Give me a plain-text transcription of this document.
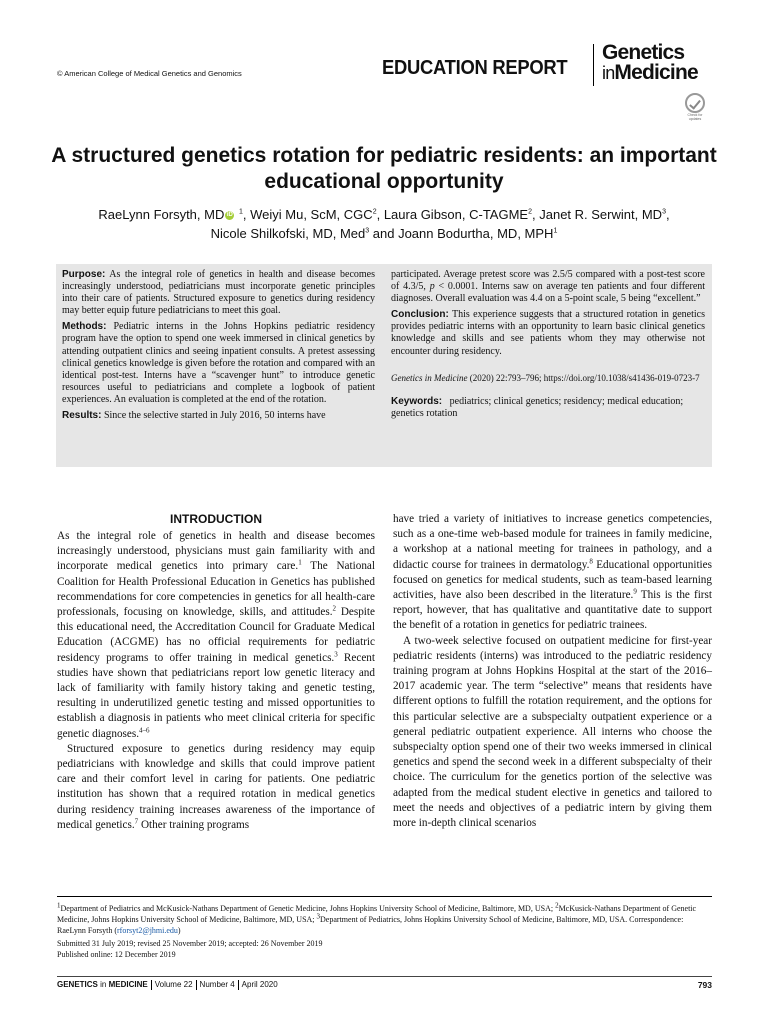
© American College of Medical Genetics and Genomics	EDUCATION REPORT
Genetics
inMedicine
Check for updates
A structured genetics rotation for pediatric residents: an important educational opportunity
RaeLynn Forsyth, MD iD $^1$, Weiyi Mu, ScM, CGC$^2$, Laura Gibson, C-TAGME$^2$, Janet R. Serwint, $MD^3$,
Nicole Shilkofski, MD, Med$^3$ and Joann Bodurtha, MD, MPH$^1$

Purpose: As the integral role of genetics in health and disease becomes increasingly understood, pediatricians must incorporate genetic principles into their care of patients. Structured exposure to genetics during residency may better equip future pediatricians to meet this goal.

Methods: Pediatric interns in the Johns Hopkins pediatric residency program have the option to spend one week immersed in clinical genetics by attending outpatient clinics and seeing inpatient consults. A pretest assessing clinical genetics knowledge is given before the rotation and compared with an identical post-test. Interns have a “scavenger hunt” to introduce genetic resources useful to pediatricians and complete a logbook of patient experiences. An evaluation is completed at the end of the rotation.

Results: Since the selective started in July 2016, 50 interns have

participated. Average pretest score was 2.5/5 compared with a post-test score of 4.3/5, p < 0.0001. Interns saw on average ten patients and four different diagnoses. Overall evaluation was 4.4 on a 5-point scale, 5 being “excellent.”

Conclusion: This experience suggests that a structured rotation in genetics provides pediatric interns with an opportunity to learn basic clinical genetics knowledge and skills and see patients whom they may otherwise not encounter during residency.

Genetics in Medicine (2020) 22:793–796; https://doi.org/10.1038/s41436-019-0723-7

Keywords: pediatrics; clinical genetics; residency; medical education; genetics rotation

INTRODUCTION

As the integral role of genetics in health and disease becomes increasingly understood, physicians must gain familiarity with and incorporate medical genetics into primary care.$^1$ The National Coalition for Health Professional Education in Genetics has published recommendations for core competencies in genetics for all health-care professionals, focusing on knowledge, skills, and attitudes.$^2$ Despite this educational need, the Accreditation Council for Graduate Medical Education (ACGME) has no official requirements for pediatric residency programs to offer training in medical genetics.$^3$ Recent studies have shown that pediatricians report low genetic literacy and lack of familiarity with family history taking and genetic testing, resulting in underutilized genetic testing and missed opportunities to establish a diagnosis in patients who meet clinical criteria for specific genetic diagnoses.$^{4-6}$

Structured exposure to genetics during residency may equip pediatricians with knowledge and skills that could improve patient care and their comfort level in caring for patients. One pediatric institution has shown that a required rotation in medical genetics during residency training increases awareness of the importance of medical genetics.$^7$ Other training programs

have tried a variety of initiatives to increase genetics competencies, such as a one-time web-based module for trainees in family medicine, a workshop at a national meeting for trainees in pathology, and a didactic course for trainees in dermatology.$^8$ Educational opportunities focused on genetics for medical students, such as team-based learning activities, have also been described in the literature.$^9$ This is the first report, however, that has qualitative and quantitative date to support the benefit of a rotation in genetics for pediatric trainees.

A two-week selective focused on outpatient medicine for first-year pediatric residents (interns) was introduced to the pediatric residency training program at Johns Hopkins Hospital at the start of the 2016–2017 academic year. The term “selective” means that residents have different options to fulfill the rotation requirement, and the options for this particular selective are a subspecialty outpatient experience or a general pediatric outpatient experience. All interns who choose the subspecialty option spend one of their two weeks immersed in clinical genetics and spend the second week in a different subspecialty of their choice. The curriculum for the genetics portion of the selective was adapted from the medical student elective in genetics and tailored to meet the needs and objectives of a pediatric intern by giving them more in-depth clinical scenarios

$^1$Department of Pediatrics and McKusick-Nathans Department of Genetic Medicine, Johns Hopkins University School of Medicine, Baltimore, MD, USA; $^2$McKusick-Nathans Department of Genetic Medicine, Johns Hopkins University School of Medicine, Baltimore, MD, USA; $^3$Department of Pediatrics, Johns Hopkins University School of Medicine, Baltimore, MD, USA. Correspondence: RaeLynn Forsyth (rforsyt2@jhmi.edu)
Submitted 31 July 2019; revised 25 November 2019; accepted: 26 November 2019
Published online: 12 December 2019
GENETICS in MEDICINE Volume 22 Number 4 April 2020	793
